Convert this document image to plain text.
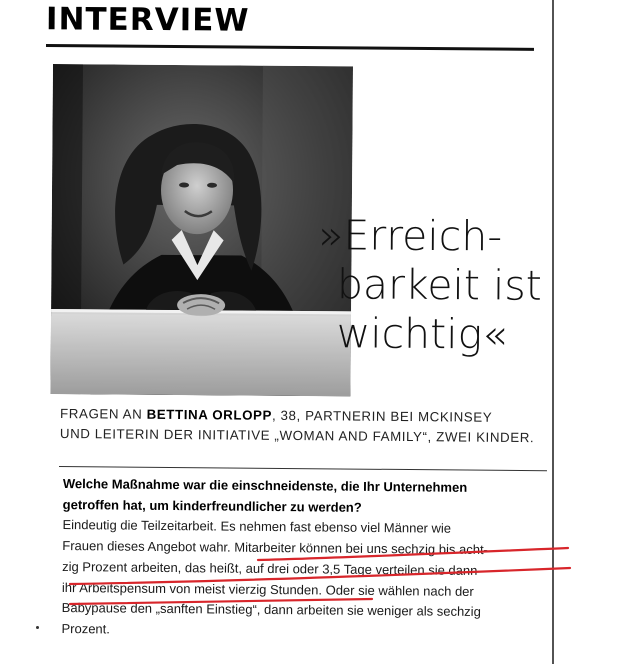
INTERVIEW
»Erreich-
barkeit ist
wichtig«
FRAGEN AN BETTINA ORLOPP, 38, PARTNERIN BEI MCKINSEY
UND LEITERIN DER INITIATIVE „WOMAN AND FAMILY“, ZWEI KINDER.
Welche Maßnahme war die einschneidenste, die Ihr Unternehmen
getroffen hat, um kinderfreundlicher zu werden?
Eindeutig die Teilzeitarbeit. Es nehmen fast ebenso viel Männer wie
Frauen dieses Angebot wahr. Mitarbeiter können bei uns sechzig bis acht-
zig Prozent arbeiten, das heißt, auf drei oder 3,5 Tage verteilen sie dann
ihr Arbeitspensum von meist vierzig Stunden. Oder sie wählen nach der
Babypause den „sanften Einstieg“, dann arbeiten sie weniger als sechzig
Prozent.
